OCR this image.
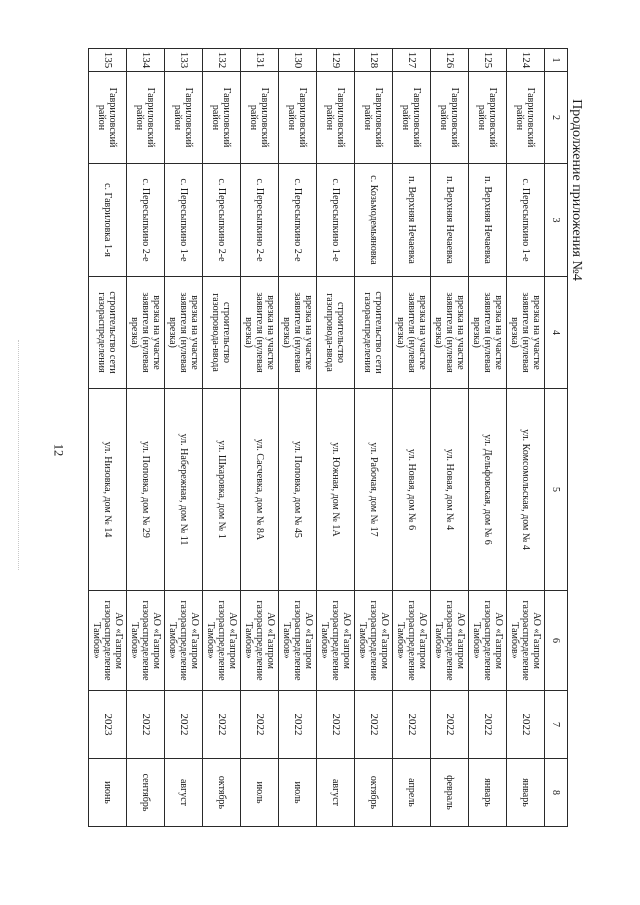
12
Продолжение приложения №4
1	2	3	4	5	6	7	8
124	Гавриловский район	с. Пересыпкино 1-е	врезка на участке заявителя (нулевая врезка)	ул. Комсомольская, дом № 4	АО «Газпром газораспределение Тамбов»	2022	январь
125	Гавриловский район	п. Верхняя Нечаевка	врезка на участке заявителя (нулевая врезка)	ул. Дельфовская, дом № 6	АО «Газпром газораспределение Тамбов»	2022	январь
126	Гавриловский район	п. Верхняя Нечаевка	врезка на участке заявителя (нулевая врезка)	ул. Новая, дом № 4	АО «Газпром газораспределение Тамбов»	2022	февраль
127	Гавриловский район	п. Верхняя Нечаевка	врезка на участке заявителя (нулевая врезка)	ул. Новая, дом № 6	АО «Газпром газораспределение Тамбов»	2022	апрель
128	Гавриловский район	с. Козьмодемьяновка	строительство сети газораспределения	ул. Рабочая, дом № 17	АО «Газпром газораспределение Тамбов»	2022	октябрь
129	Гавриловский район	с. Пересыпкино 1-е	строительство газопровода-ввода	ул. Южная, дом № 1А	АО «Газпром газораспределение Тамбов»	2022	август
130	Гавриловский район	с. Пересыпкино 2-е	врезка на участке заявителя (нулевая врезка)	ул. Поповка, дом № 45	АО «Газпром газораспределение Тамбов»	2022	июль
131	Гавриловский район	с. Пересыпкино 2-е	врезка на участке заявителя (нулевая врезка)	ул. Сасчевка, дом № 8А	АО «Газпром газораспределение Тамбов»	2022	июль
132	Гавриловский район	с. Пересыпкино 2-е	строительство газопровода-ввода	ул. Шкаровка, дом № 1	АО «Газпром газораспределение Тамбов»	2022	октябрь
133	Гавриловский район	с. Пересыпкино 1-е	врезка на участке заявителя (нулевая врезка)	ул. Набережная, дом № 11	АО «Газпром газораспределение Тамбов»	2022	август
134	Гавриловский район	с. Пересыпкино 2-е	врезка на участке заявителя (нулевая врезка)	ул. Поповка, дом № 29	АО «Газпром газораспределение Тамбов»	2022	сентябрь
135	Гавриловский район	с. Гавриловка 1-я	строительство сети газораспределения	ул. Низовка, дом № 14	АО «Газпром газораспределение Тамбов»	2023	июнь
